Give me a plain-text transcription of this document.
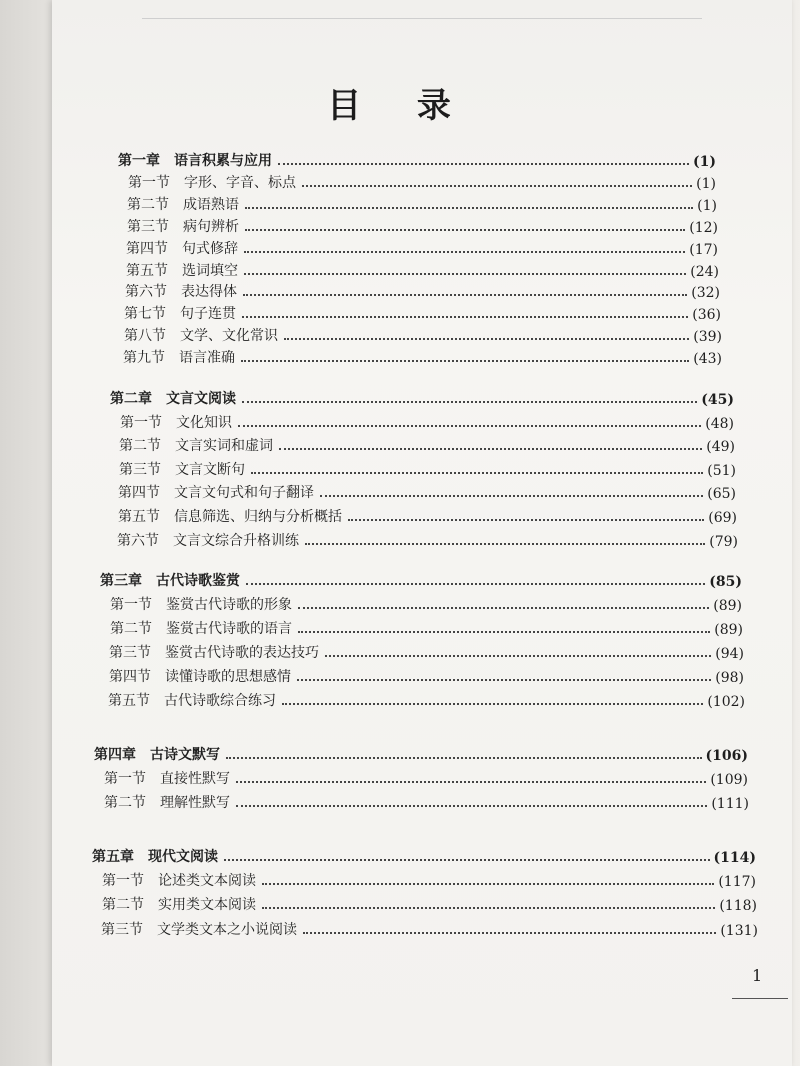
目 录
第一章 语言积累与应用	(1)
第一节 字形、字音、标点	(1)
第二节 成语熟语	(1)
第三节 病句辨析	(12)
第四节 句式修辞	(17)
第五节 选词填空	(24)
第六节 表达得体	(32)
第七节 句子连贯	(36)
第八节 文学、文化常识	(39)
第九节 语言准确	(43)
第二章 文言文阅读	(45)
第一节 文化知识	(48)
第二节 文言实词和虚词	(49)
第三节 文言文断句	(51)
第四节 文言文句式和句子翻译	(65)
第五节 信息筛选、归纳与分析概括	(69)
第六节 文言文综合升格训练	(79)
第三章 古代诗歌鉴赏	(85)
第一节 鉴赏古代诗歌的形象	(89)
第二节 鉴赏古代诗歌的语言	(89)
第三节 鉴赏古代诗歌的表达技巧	(94)
第四节 读懂诗歌的思想感情	(98)
第五节 古代诗歌综合练习	(102)
第四章 古诗文默写	(106)
第一节 直接性默写	(109)
第二节 理解性默写	(111)
第五章 现代文阅读	(114)
第一节 论述类文本阅读	(117)
第二节 实用类文本阅读	(118)
第三节 文学类文本之小说阅读	(131)
1
